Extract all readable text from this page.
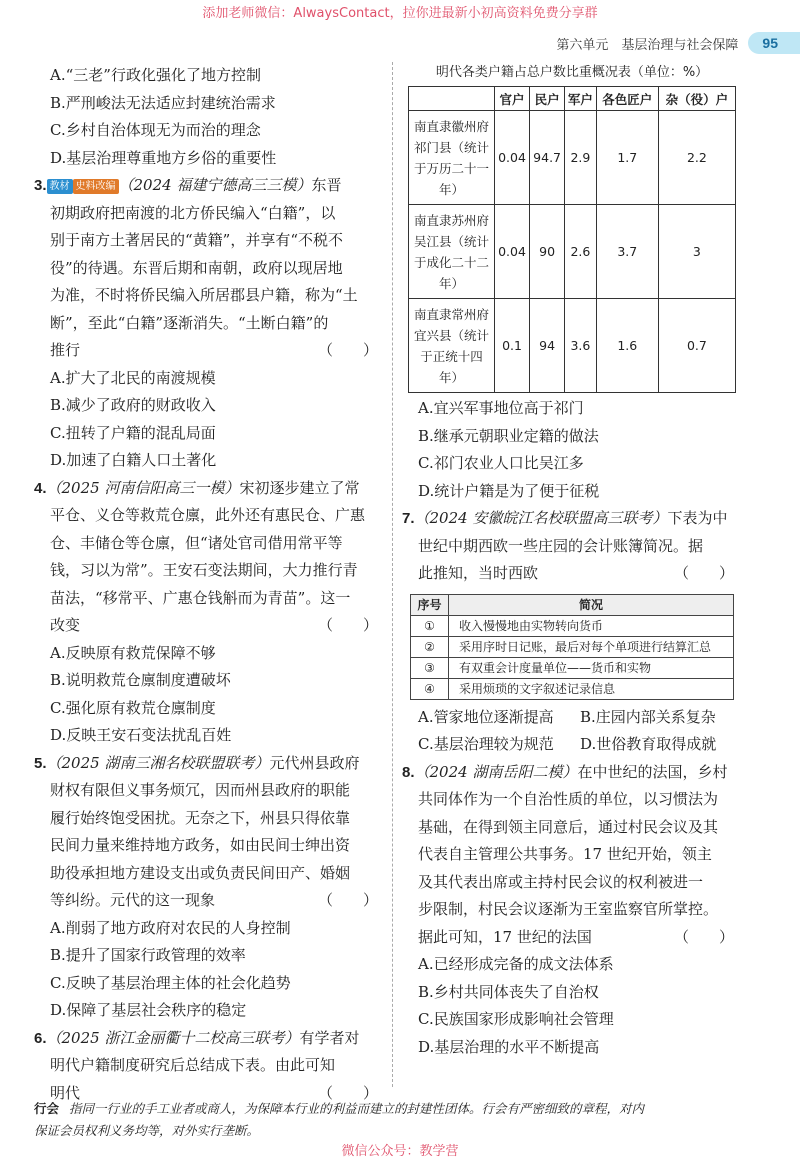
添加老师微信：AlwaysContact，拉你进最新小初高资料免费分享群
第六单元　基层治理与社会保障	95

A.“三老”行政化强化了地方控制

B.严刑峻法无法适应封建统治需求

C.乡村自治体现无为而治的理念

D.基层治理尊重地方乡俗的重要性

3. 教材 史料改编 （2024 福建宁德高三三模）东晋

初期政府把南渡的北方侨民编入“白籍”，以

别于南方土著居民的“黄籍”，并享有“不税不

役”的待遇。东晋后期和南朝，政府以现居地

为准，不时将侨民编入所居郡县户籍，称为“土

断”，至此“白籍”逐渐消失。“土断白籍”的

推行	（　　）

A.扩大了北民的南渡规模

B.减少了政府的财政收入

C.扭转了户籍的混乱局面

D.加速了白籍人口土著化

4.（2025 河南信阳高三一模）宋初逐步建立了常

平仓、义仓等救荒仓廪，此外还有惠民仓、广惠

仓、丰储仓等仓廪，但“诸处官司借用常平等

钱，习以为常”。王安石变法期间，大力推行青

苗法，“移常平、广惠仓钱斛而为青苗”。这一

改变	（　　）

A.反映原有救荒保障不够

B.说明救荒仓廪制度遭破坏

C.强化原有救荒仓廪制度

D.反映王安石变法扰乱百姓

5.（2025 湖南三湘名校联盟联考）元代州县政府

财权有限但义事务烦冗，因而州县政府的职能

履行始终饱受困扰。无奈之下，州县只得依靠

民间力量来维持地方政务，如由民间士绅出资

助役承担地方建设支出或负责民间田产、婚姻

等纠纷。元代的这一现象	（　　）

A.削弱了地方政府对农民的人身控制

B.提升了国家行政管理的效率

C.反映了基层治理主体的社会化趋势

D.保障了基层社会秩序的稳定

6.（2025 浙江金丽衢十二校高三联考）有学者对

明代户籍制度研究后总结成下表。由此可知

明代	（　　）

明代各类户籍占总户数比重概况表（单位：%）
	官户	民户	军户	各色匠户	杂（役）户
南直隶徽州府祁门县（统计于万历二十一年）	0.04	94.7	2.9	1.7	2.2
南直隶苏州府吴江县（统计于成化二十二年）	0.04	90	2.6	3.7	3
南直隶常州府宜兴县（统计于正统十四年）	0.1	94	3.6	1.6	0.7

A.宜兴军事地位高于祁门

B.继承元朝职业定籍的做法

C.祁门农业人口比吴江多

D.统计户籍是为了便于征税

7.（2024 安徽皖江名校联盟高三联考）下表为中

世纪中期西欧一些庄园的会计账簿简况。据

此推知，当时西欧	（　　）

序号	简况
①	收入慢慢地由实物转向货币
②	采用序时日记账，最后对每个单项进行结算汇总
③	有双重会计度量单位——货币和实物
④	采用烦琐的文字叙述记录信息

A.管家地位逐渐提高	B.庄园内部关系复杂

C.基层治理较为规范	D.世俗教育取得成就

8.（2024 湖南岳阳二模）在中世纪的法国，乡村

共同体作为一个自治性质的单位，以习惯法为

基础，在得到领主同意后，通过村民会议及其

代表自主管理公共事务。17 世纪开始，领主

及其代表出席或主持村民会议的权利被进一

步限制，村民会议逐渐为王室监察官所掌控。

据此可知，17 世纪的法国	（　　）

A.已经形成完备的成文法体系

B.乡村共同体丧失了自治权

C.民族国家形成影响社会管理

D.基层治理的水平不断提高

行会 指同一行业的手工业者或商人，为保障本行业的利益而建立的封建性团体。行会有严密细致的章程，对内
保证会员权利义务均等，对外实行垄断。
微信公众号：教学营
